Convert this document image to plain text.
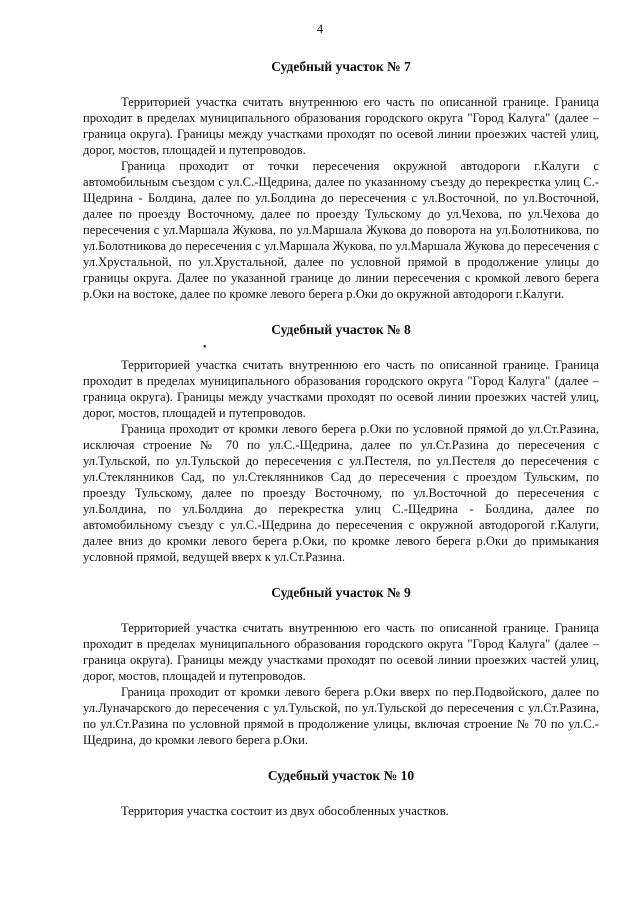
4
•
Судебный участок № 7

Территорией участка считать внутреннюю его часть по описанной границе. Граница проходит в пределах муниципального образования городского округа "Город Калуга" (далее – граница округа). Границы между участками проходят по осевой линии проезжих частей улиц, дорог, мостов, площадей и путепроводов.

Граница проходит от точки пересечения окружной автодороги г.Калуги с автомобильным съездом с ул.С.-Щедрина, далее по указанному съезду до перекрестка улиц С.-Щедрина - Болдина, далее по ул.Болдина до пересечения с ул.Восточной, по ул.Восточной, далее по проезду Восточному, далее по проезду Тульскому до ул.Чехова, по ул.Чехова до пересечения с ул.Маршала Жукова, по ул.Маршала Жукова до поворота на ул.Болотникова, по ул.Болотникова до пересечения с ул.Маршала Жукова, по ул.Маршала Жукова до пересечения с ул.Хрустальной, по ул.Хрустальной, далее по условной прямой в продолжение улицы до границы округа. Далее по указанной границе до линии пересечения с кромкой левого берега р.Оки на востоке, далее по кромке левого берега р.Оки до окружной автодороги г.Калуги.

Судебный участок № 8

Территорией участка считать внутреннюю его часть по описанной границе. Граница проходит в пределах муниципального образования городского округа "Город Калуга" (далее – граница округа). Границы между участками проходят по осевой линии проезжих частей улиц, дорог, мостов, площадей и путепроводов.

Граница проходит от кромки левого берега р.Оки по условной прямой до ул.Ст.Разина, исключая строение № 70 по ул.С.-Щедрина, далее по ул.Ст.Разина до пересечения с ул.Тульской, по ул.Тульской до пересечения с ул.Пестеля, по ул.Пестеля до пересечения с ул.Стеклянников Сад, по ул.Стеклянников Сад до пересечения с проездом Тульским, по проезду Тульскому, далее по проезду Восточному, по ул.Восточной до пересечения с ул.Болдина, по ул.Болдина до перекрестка улиц С.-Щедрина - Болдина, далее по автомобильному съезду с ул.С.-Щедрина до пересечения с окружной автодорогой г.Калуги, далее вниз до кромки левого берега р.Оки, по кромке левого берега р.Оки до примыкания условной прямой, ведущей вверх к ул.Ст.Разина.

Судебный участок № 9

Территорией участка считать внутреннюю его часть по описанной границе. Граница проходит в пределах муниципального образования городского округа "Город Калуга" (далее – граница округа). Границы между участками проходят по осевой линии проезжих частей улиц, дорог, мостов, площадей и путепроводов.

Граница проходит от кромки левого берега р.Оки вверх по пер.Подвойского, далее по ул.Луначарского до пересечения с ул.Тульской, по ул.Тульской до пересечения с ул.Ст.Разина, по ул.Ст.Разина по условной прямой в продолжение улицы, включая строение № 70 по ул.С.-Щедрина, до кромки левого берега р.Оки.

Судебный участок № 10

Территория участка состоит из двух обособленных участков.
